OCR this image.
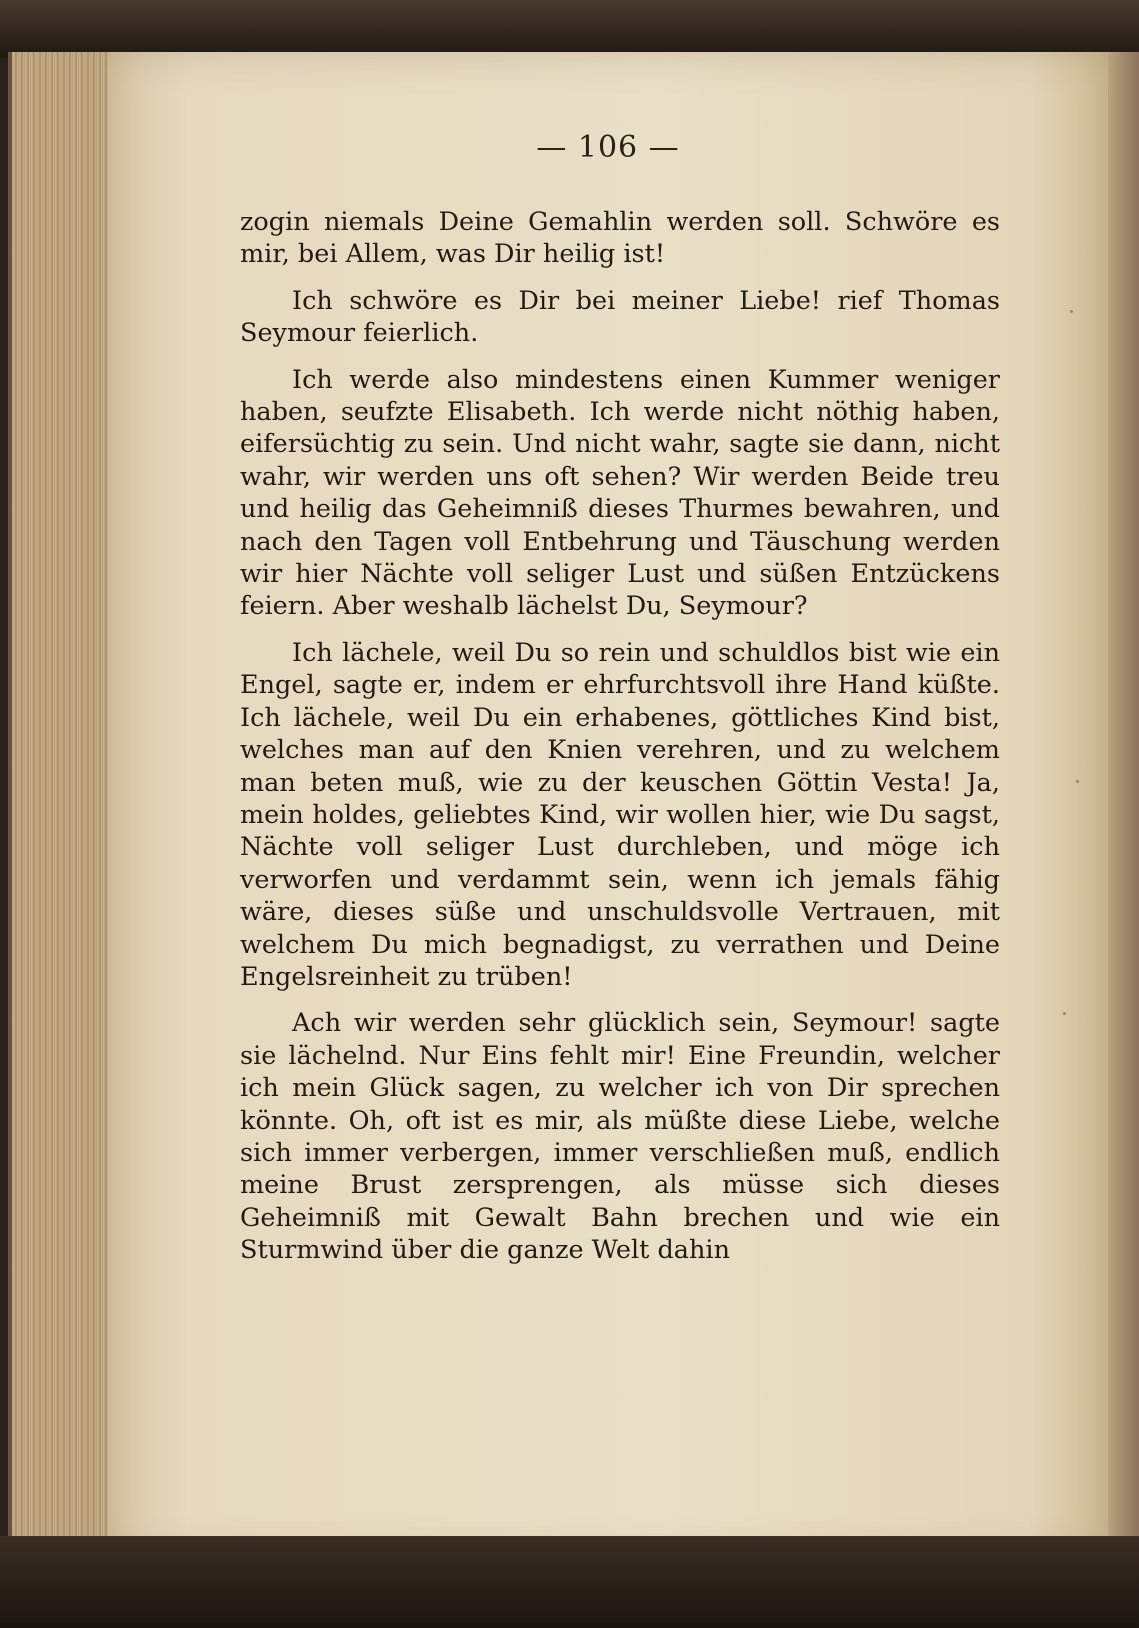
— 106 —

zogin niemals Deine Gemahlin werden soll. Schwöre es mir, bei Allem, was Dir heilig ist!

Ich schwöre es Dir bei meiner Liebe! rief Thomas Seymour feierlich.

Ich werde also mindestens einen Kummer weniger haben, seufzte Elisabeth. Ich werde nicht nöthig haben, eifersüchtig zu sein. Und nicht wahr, sagte sie dann, nicht wahr, wir werden uns oft sehen? Wir werden Beide treu und heilig das Geheimniß dieses Thurmes bewahren, und nach den Tagen voll Entbehrung und Täuschung werden wir hier Nächte voll seliger Lust und süßen Entzückens feiern. Aber weshalb lächelst Du, Seymour?

Ich lächele, weil Du so rein und schuldlos bist wie ein Engel, sagte er, indem er ehrfurchtsvoll ihre Hand küßte. Ich lächele, weil Du ein erhabenes, göttliches Kind bist, welches man auf den Knien verehren, und zu welchem man beten muß, wie zu der keuschen Göttin Vesta! Ja, mein holdes, geliebtes Kind, wir wollen hier, wie Du sagst, Nächte voll seliger Lust durchleben, und möge ich verworfen und verdammt sein, wenn ich jemals fähig wäre, dieses süße und unschuldsvolle Vertrauen, mit welchem Du mich begnadigst, zu verrathen und Deine Engelsreinheit zu trüben!

Ach wir werden sehr glücklich sein, Seymour! sagte sie lächelnd. Nur Eins fehlt mir! Eine Freundin, welcher ich mein Glück sagen, zu welcher ich von Dir sprechen könnte. Oh, oft ist es mir, als müßte diese Liebe, welche sich immer verbergen, immer verschließen muß, endlich meine Brust zersprengen, als müsse sich dieses Geheimniß mit Gewalt Bahn brechen und wie ein Sturmwind über die ganze Welt dahin
